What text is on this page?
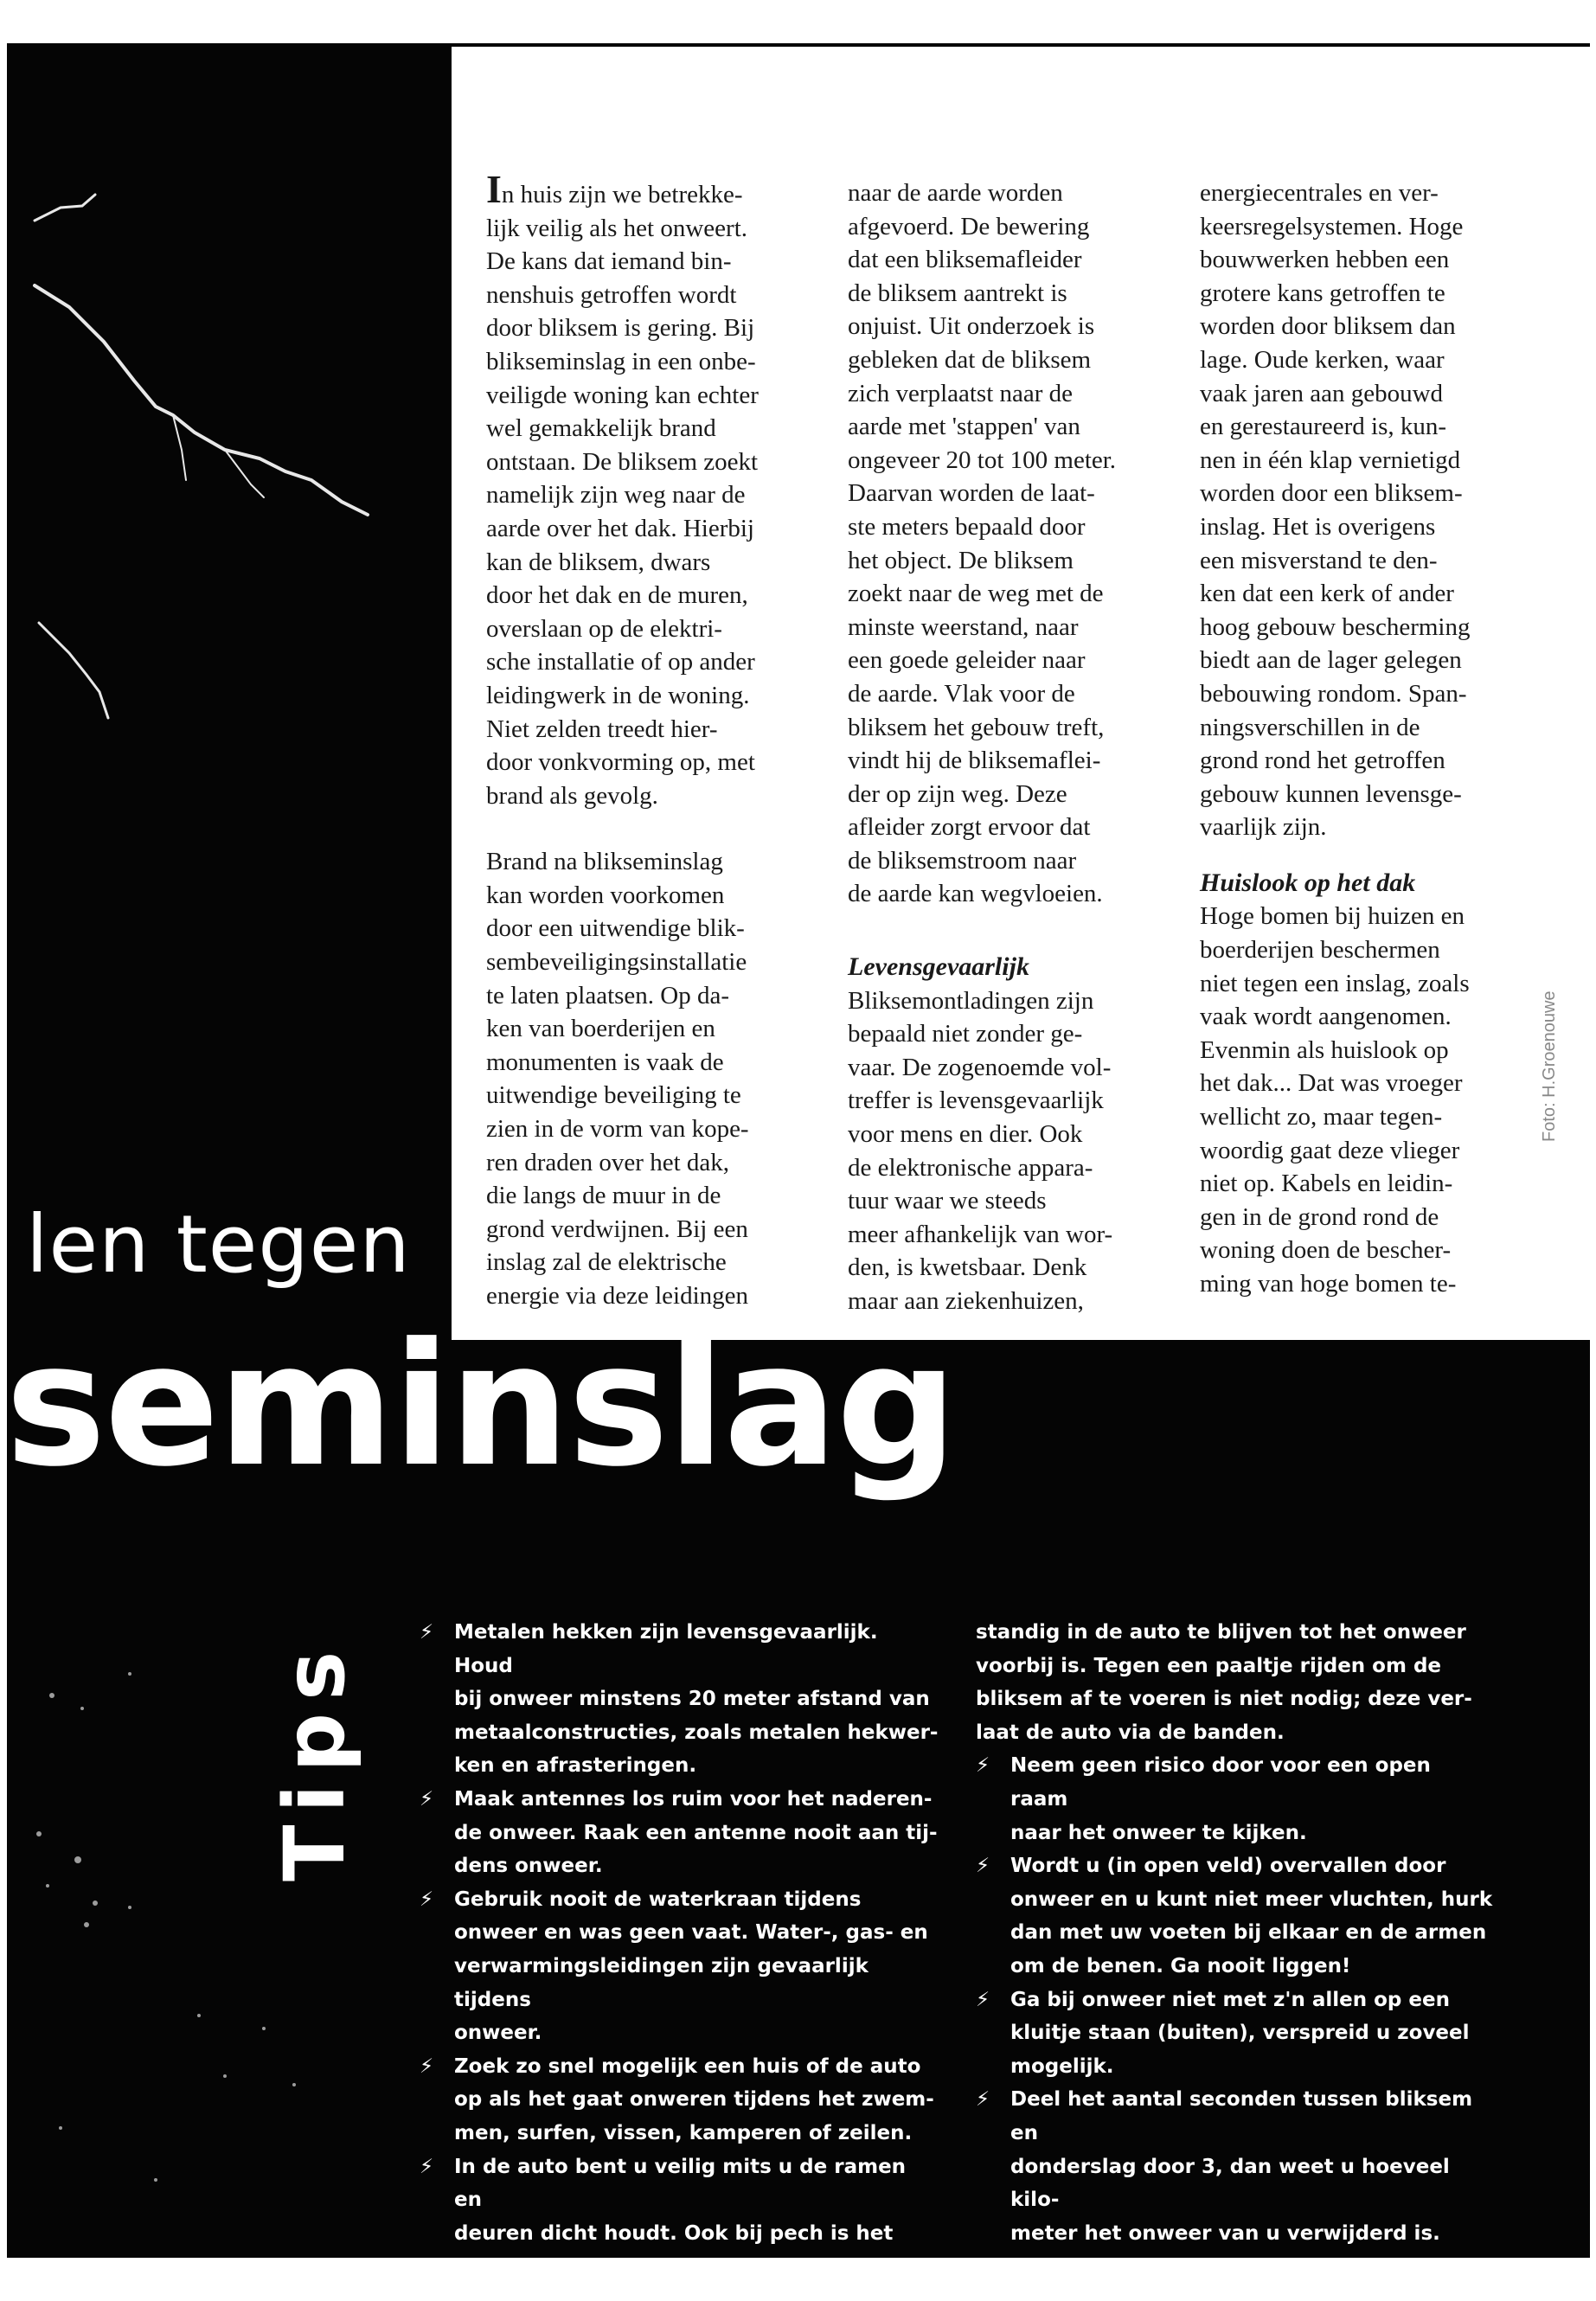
In huis zijn we betrekke-
lijk veilig als het onweert.
De kans dat iemand bin-
nenshuis getroffen wordt
door bliksem is gering. Bij
blikseminslag in een onbe-
veiligde woning kan echter
wel gemakkelijk brand
ontstaan. De bliksem zoekt
namelijk zijn weg naar de
aarde over het dak. Hierbij
kan de bliksem, dwars
door het dak en de muren,
overslaan op de elektri-
sche installatie of op ander
leidingwerk in de woning.
Niet zelden treedt hier-
door vonkvorming op, met
brand als gevolg.

Brand na blikseminslag
kan worden voorkomen
door een uitwendige blik-
sembeveiligingsinstallatie
te laten plaatsen. Op da-
ken van boerderijen en
monumenten is vaak de
uitwendige beveiliging te
zien in de vorm van kope-
ren draden over het dak,
die langs de muur in de
grond verdwijnen. Bij een
inslag zal de elektrische
energie via deze leidingen

naar de aarde worden
afgevoerd. De bewering
dat een bliksemafleider
de bliksem aantrekt is
onjuist. Uit onderzoek is
gebleken dat de bliksem
zich verplaatst naar de
aarde met 'stappen' van
ongeveer 20 tot 100 meter.
Daarvan worden de laat-
ste meters bepaald door
het object. De bliksem
zoekt naar de weg met de
minste weerstand, naar
een goede geleider naar
de aarde. Vlak voor de
bliksem het gebouw treft,
vindt hij de bliksemaflei-
der op zijn weg. Deze
afleider zorgt ervoor dat
de bliksemstroom naar
de aarde kan wegvloeien.

Levensgevaarlijk

Bliksemontladingen zijn
bepaald niet zonder ge-
vaar. De zogenoemde vol-
treffer is levensgevaarlijk
voor mens en dier. Ook
de elektronische appara-
tuur waar we steeds
meer afhankelijk van wor-
den, is kwetsbaar. Denk
maar aan ziekenhuizen,

energiecentrales en ver-
keersregelsystemen. Hoge
bouwwerken hebben een
grotere kans getroffen te
worden door bliksem dan
lage. Oude kerken, waar
vaak jaren aan gebouwd
en gerestaureerd is, kun-
nen in één klap vernietigd
worden door een bliksem-
inslag. Het is overigens
een misverstand te den-
ken dat een kerk of ander
hoog gebouw bescherming
biedt aan de lager gelegen
bebouwing rondom. Span-
ningsverschillen in de
grond rond het getroffen
gebouw kunnen levensge-
vaarlijk zijn.

Huislook op het dak

Hoge bomen bij huizen en
boerderijen beschermen
niet tegen een inslag, zoals
vaak wordt aangenomen.
Evenmin als huislook op
het dak... Dat was vroeger
wellicht zo, maar tegen-
woordig gaat deze vlieger
niet op. Kabels en leidin-
gen in de grond rond de
woning doen de bescher-
ming van hoge bomen te-

Foto: H.Groenouwe
len tegen
seminslag
Tips
⚡ Metalen hekken zijn levensgevaarlijk. Houd
bij onweer minstens 20 meter afstand van
metaalconstructies, zoals metalen hekwer-
ken en afrasteringen.
⚡ Maak antennes los ruim voor het naderen-
de onweer. Raak een antenne nooit aan tij-
dens onweer.
⚡ Gebruik nooit de waterkraan tijdens
onweer en was geen vaat. Water-, gas- en
verwarmingsleidingen zijn gevaarlijk tijdens
onweer.
⚡ Zoek zo snel mogelijk een huis of de auto
op als het gaat onweren tijdens het zwem-
men, surfen, vissen, kamperen of zeilen.
⚡ In de auto bent u veilig mits u de ramen en
deuren dicht houdt. Ook bij pech is het ver-
standig in de auto te blijven tot het onweer
voorbij is. Tegen een paaltje rijden om de
bliksem af te voeren is niet nodig; deze ver-
laat de auto via de banden.
⚡ Neem geen risico door voor een open raam
naar het onweer te kijken.
⚡ Wordt u (in open veld) overvallen door
onweer en u kunt niet meer vluchten, hurk
dan met uw voeten bij elkaar en de armen
om de benen. Ga nooit liggen!
⚡ Ga bij onweer niet met z'n allen op een
kluitje staan (buiten), verspreid u zoveel
mogelijk.
⚡ Deel het aantal seconden tussen bliksem en
donderslag door 3, dan weet u hoeveel kilo-
meter het onweer van u verwijderd is.
